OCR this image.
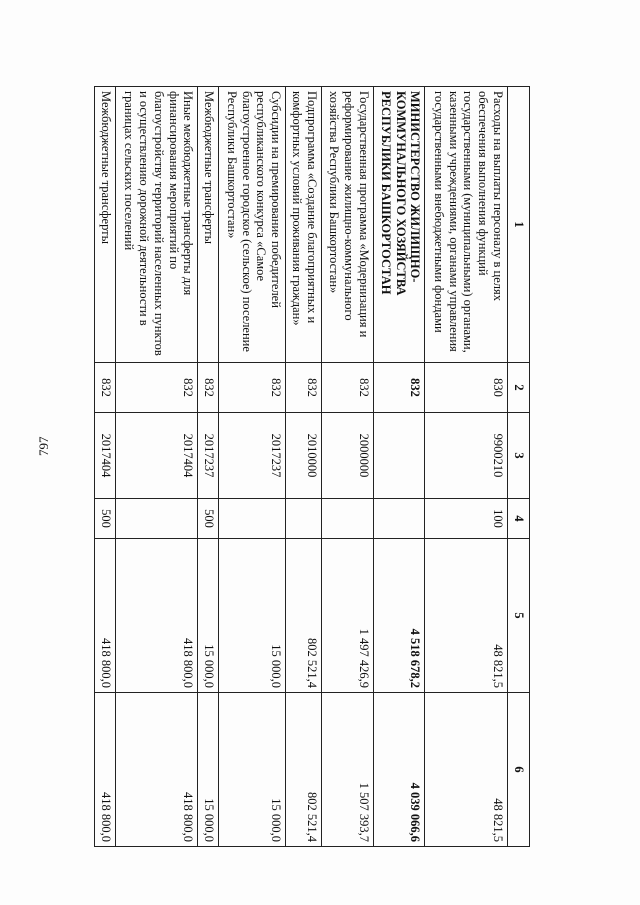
797
1	2	3	4	5	6
Расходы на выплаты персоналу в целях обеспечения выполнения функций государственными (муниципальными) органами, казенными учреждениями, органами управления государственными внебюджетными фондами	830	9900210	100	48 821,5	48 821,5
МИНИСТЕРСТВО ЖИЛИЩНО-КОММУНАЛЬНОГО ХОЗЯЙСТВА РЕСПУБЛИКИ БАШКОРТОСТАН	832			4 518 678,2	4 039 066,6
Государственная программа «Модернизация и реформирование жилищно-коммунального хозяйства Республики Башкортостан»	832	2000000		1 497 426,9	1 507 393,7
Подпрограмма «Создание благоприятных и комфортных условий проживания граждан»	832	2010000		802 521,4	802 521,4
Субсидии на премирование победителей республиканского конкурса «Самое благоустроенное городское (сельское) поселение Республики Башкортостан»	832	2017237		15 000,0	15 000,0
Межбюджетные трансферты	832	2017237	500	15 000,0	15 000,0
Иные межбюджетные трансферты для финансирования мероприятий по благоустройству территорий населенных пунктов и осуществлению дорожной деятельности в границах сельских поселений	832	2017404		418 800,0	418 800,0
Межбюджетные трансферты	832	2017404	500	418 800,0	418 800,0
